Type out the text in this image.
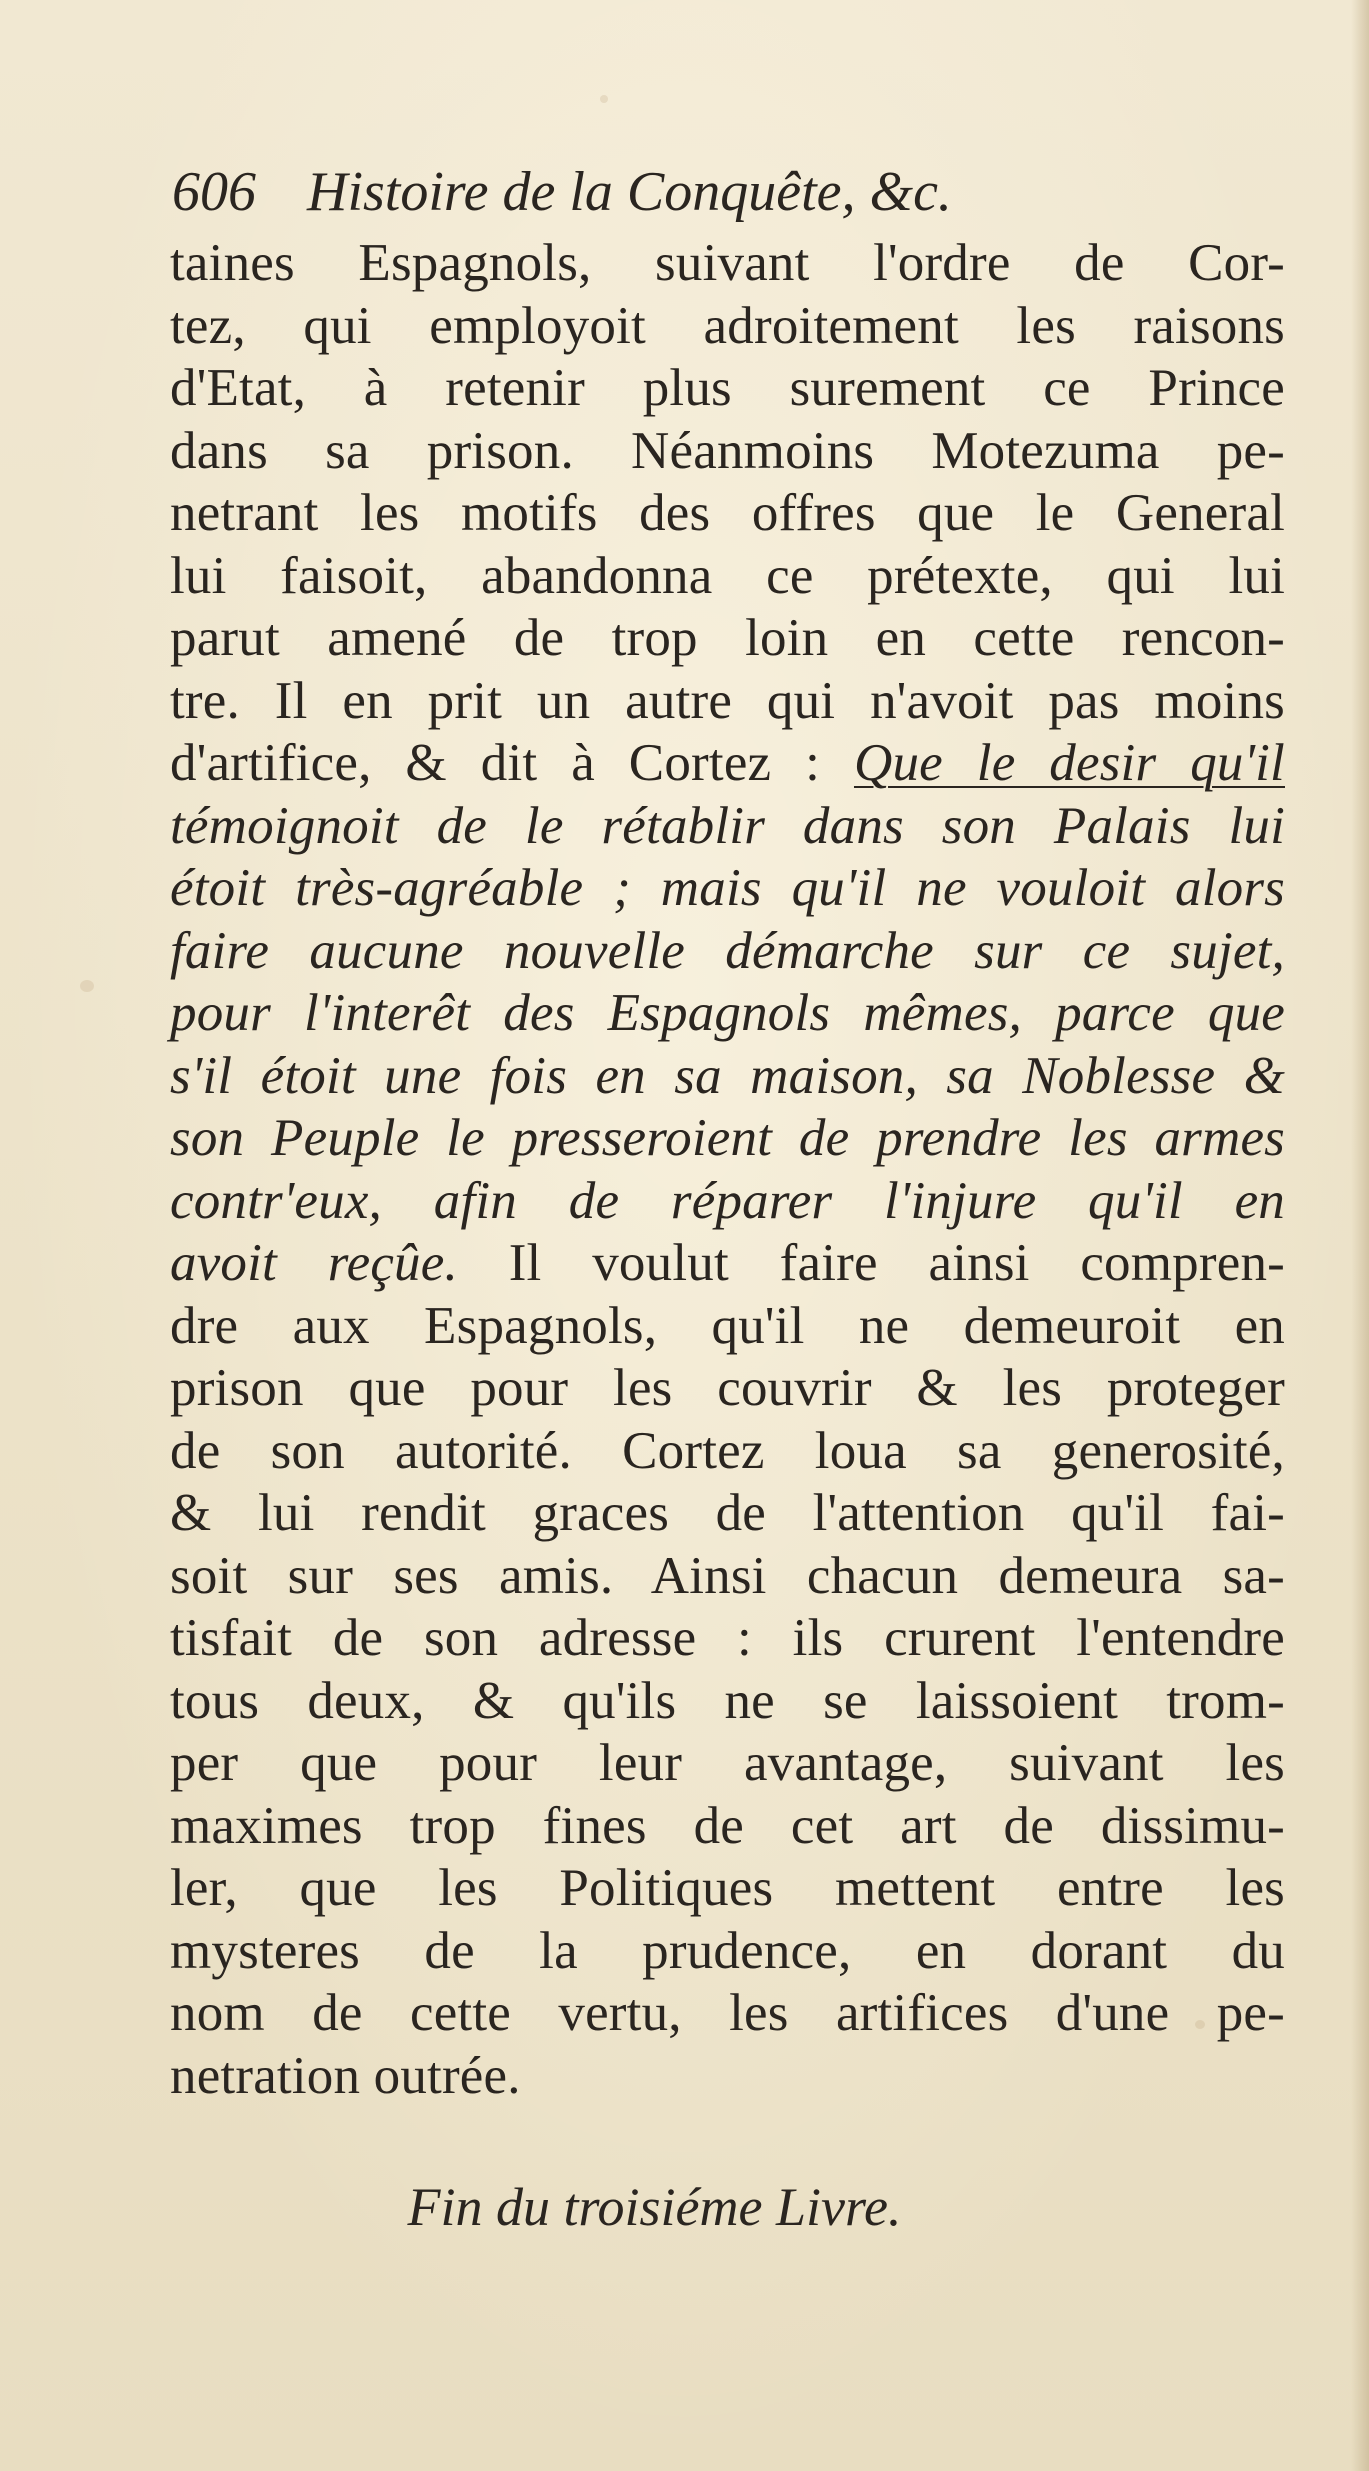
606 Histoire de la Conquête, &c.
taines Espagnols, suivant l'ordre de Cor-
tez, qui employoit adroitement les raisons
d'Etat, à retenir plus surement ce Prince
dans sa prison. Néanmoins Motezuma pe-
netrant les motifs des offres que le General
lui faisoit, abandonna ce prétexte, qui lui
parut amené de trop loin en cette rencon-
tre. Il en prit un autre qui n'avoit pas moins
d'artifice, & dit à Cortez : Que le desir qu'il
témoignoit de le rétablir dans son Palais lui
étoit très-agréable ; mais qu'il ne vouloit alors
faire aucune nouvelle démarche sur ce sujet,
pour l'interêt des Espagnols mêmes, parce que
s'il étoit une fois en sa maison, sa Noblesse &
son Peuple le presseroient de prendre les armes
contr'eux, afin de réparer l'injure qu'il en
avoit reçûe. Il voulut faire ainsi compren-
dre aux Espagnols, qu'il ne demeuroit en
prison que pour les couvrir & les proteger
de son autorité. Cortez loua sa generosité,
& lui rendit graces de l'attention qu'il fai-
soit sur ses amis. Ainsi chacun demeura sa-
tisfait de son adresse : ils crurent l'entendre
tous deux, & qu'ils ne se laissoient trom-
per que pour leur avantage, suivant les
maximes trop fines de cet art de dissimu-
ler, que les Politiques mettent entre les
mysteres de la prudence, en dorant du
nom de cette vertu, les artifices d'une pe-
netration outrée.
Fin du troisiéme Livre.
